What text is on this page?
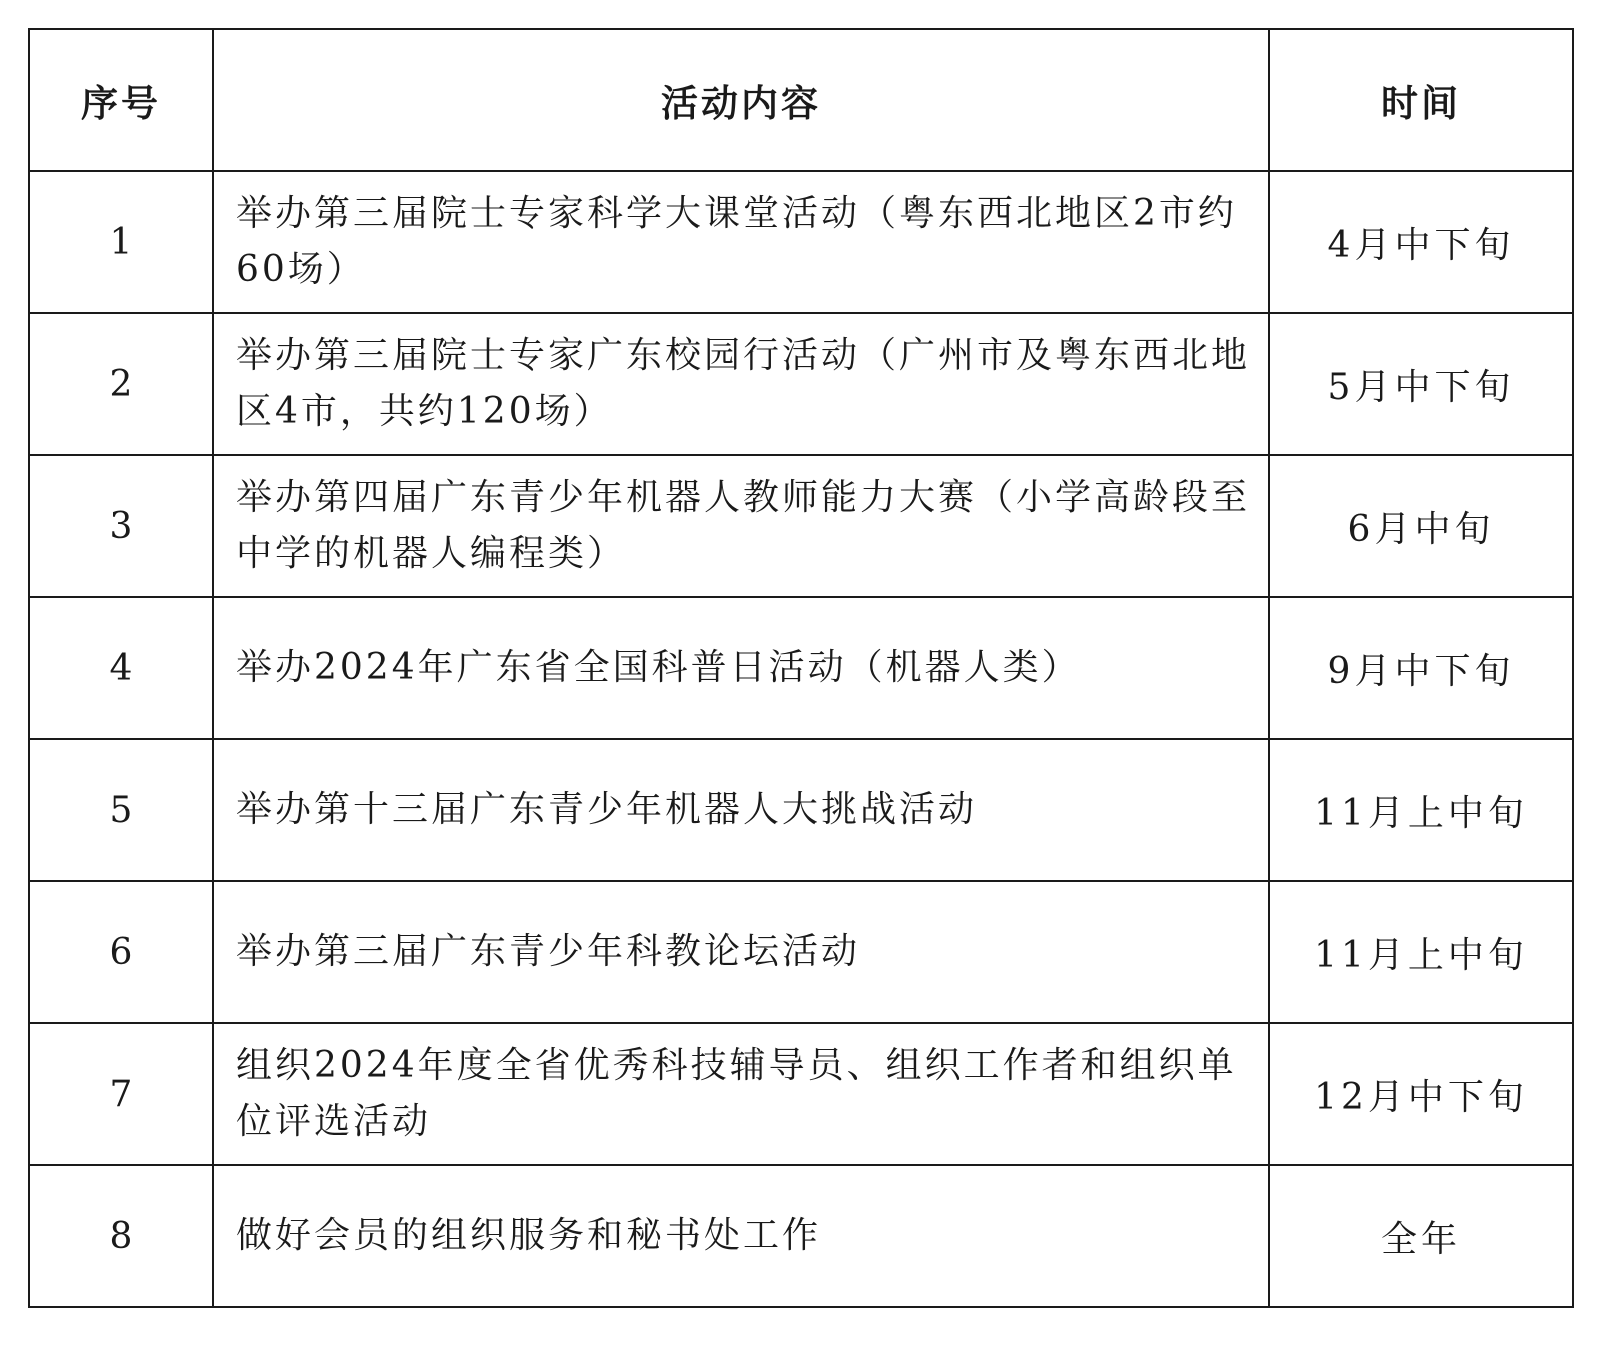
序号	活动内容	时间
1	举办第三届院士专家科学大课堂活动（粤东西北地区2市约60场）	4月中下旬
2	举办第三届院士专家广东校园行活动（广州市及粤东西北地区4市，共约120场）	5月中下旬
3	举办第四届广东青少年机器人教师能力大赛（小学高龄段至中学的机器人编程类）	6月中旬
4	举办2024年广东省全国科普日活动（机器人类）	9月中下旬
5	举办第十三届广东青少年机器人大挑战活动	11月上中旬
6	举办第三届广东青少年科教论坛活动	11月上中旬
7	组织2024年度全省优秀科技辅导员、组织工作者和组织单位评选活动	12月中下旬
8	做好会员的组织服务和秘书处工作	全年
